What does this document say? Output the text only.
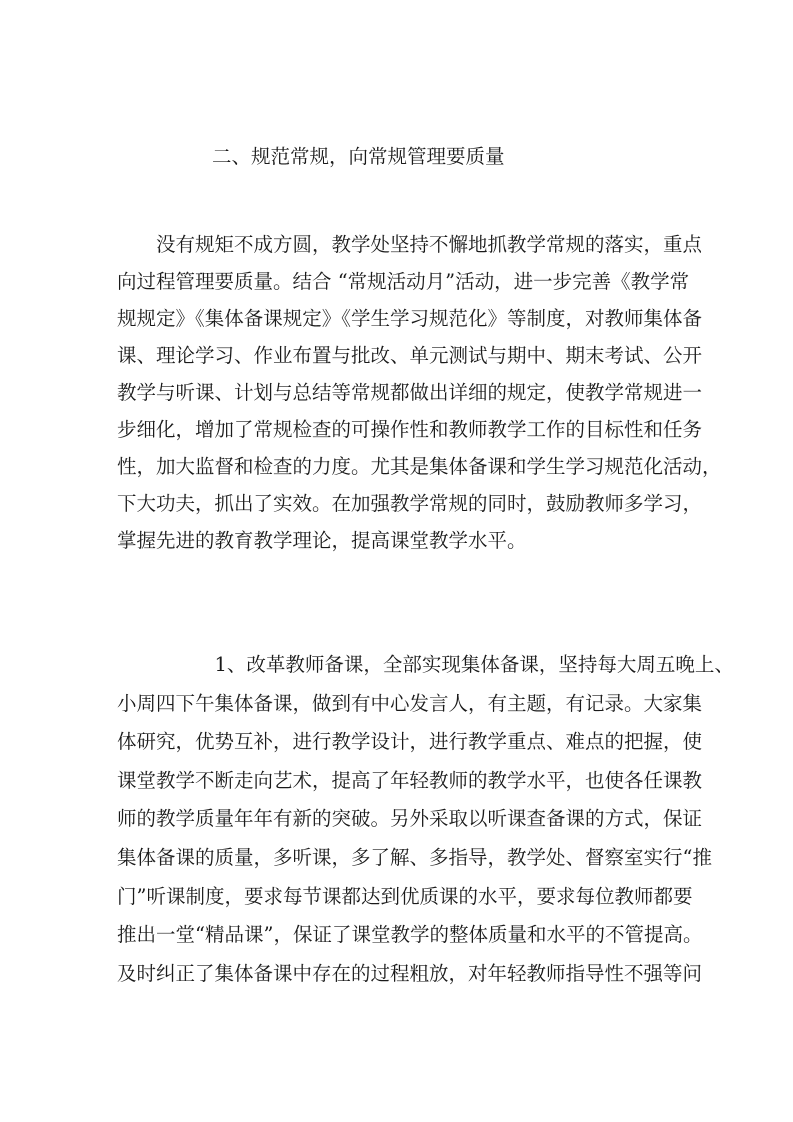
二、规范常规，向常规管理要质量
　　没有规矩不成方圆，教学处坚持不懈地抓教学常规的落实，重点
向过程管理要质量。结合 “常规活动月”活动，进一步完善《教学常
规规定》《集体备课规定》《学生学习规范化》等制度，对教师集体备
课、理论学习、作业布置与批改、单元测试与期中、期末考试、公开
教学与听课、计划与总结等常规都做出详细的规定，使教学常规进一
步细化，增加了常规检查的可操作性和教师教学工作的目标性和任务
性，加大监督和检查的力度。尤其是集体备课和学生学习规范化活动，
下大功夫，抓出了实效。在加强教学常规的同时，鼓励教师多学习，
掌握先进的教育教学理论，提高课堂教学水平。
　　　　　1、改革教师备课，全部实现集体备课，坚持每大周五晚上、
小周四下午集体备课，做到有中心发言人，有主题，有记录。大家集
体研究，优势互补，进行教学设计，进行教学重点、难点的把握，使
课堂教学不断走向艺术，提高了年轻教师的教学水平，也使各任课教
师的教学质量年年有新的突破。另外采取以听课查备课的方式，保证
集体备课的质量，多听课，多了解、多指导，教学处、督察室实行“推
门”听课制度，要求每节课都达到优质课的水平，要求每位教师都要
推出一堂“精品课”，保证了课堂教学的整体质量和水平的不管提高。
及时纠正了集体备课中存在的过程粗放，对年轻教师指导性不强等问
